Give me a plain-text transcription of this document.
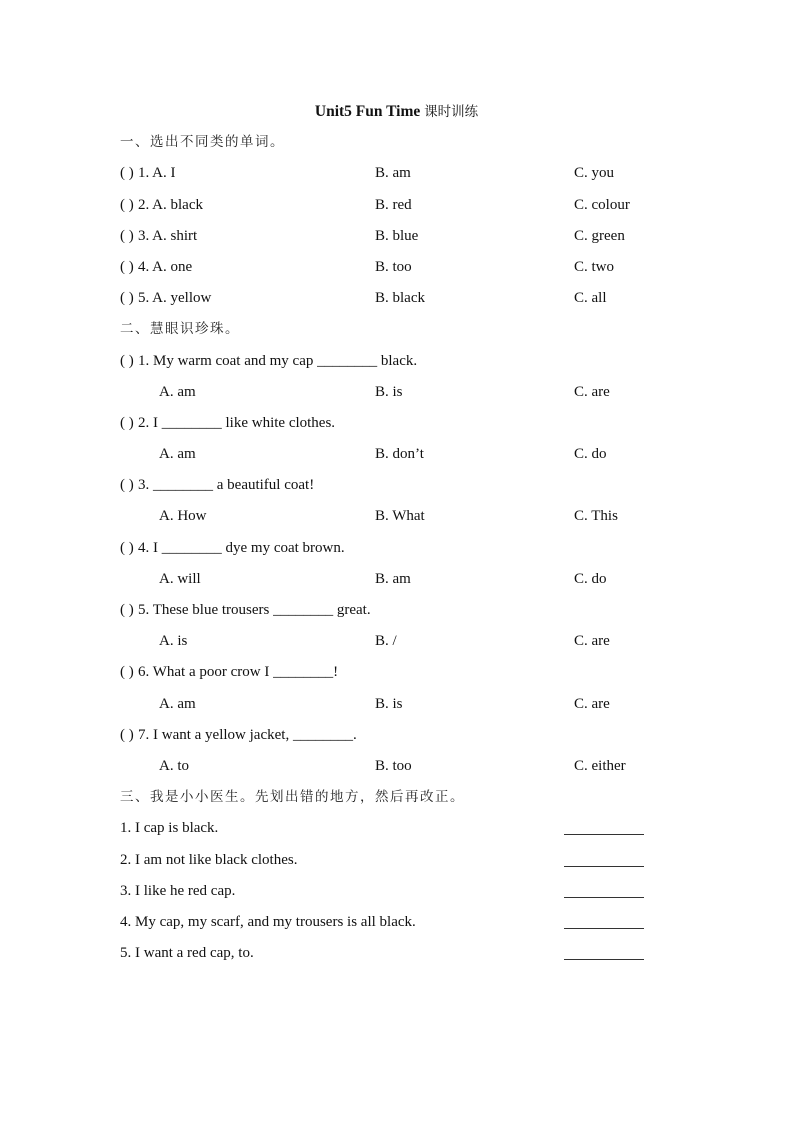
Unit5 Fun Time 课时训练
一、选出不同类的单词。
( ) 1. A. I	B. am	C. you
( ) 2. A. black	B. red	C. colour
( ) 3. A. shirt	B. blue	C. green
( ) 4. A. one	B. too	C. two
( ) 5. A. yellow	B. black	C. all
二、慧眼识珍珠。
( ) 1. My warm coat and my cap ________ black.
A. am	B. is	C. are
( ) 2. I ________ like white clothes.
A. am	B. don’t	C. do
( ) 3. ________ a beautiful coat!
A. How	B. What	C. This
( ) 4. I ________ dye my coat brown.
A. will	B. am	C. do
( ) 5. These blue trousers ________ great.
A. is	B. /	C. are
( ) 6. What a poor crow I ________!
A. am	B. is	C. are
( ) 7. I want a yellow jacket, ________.
A. to	B. too	C. either
三、我是小小医生。先划出错的地方，然后再改正。
1. I cap is black.
2. I am not like black clothes.
3. I like he red cap.
4. My cap, my scarf, and my trousers is all black.
5. I want a red cap, to.
